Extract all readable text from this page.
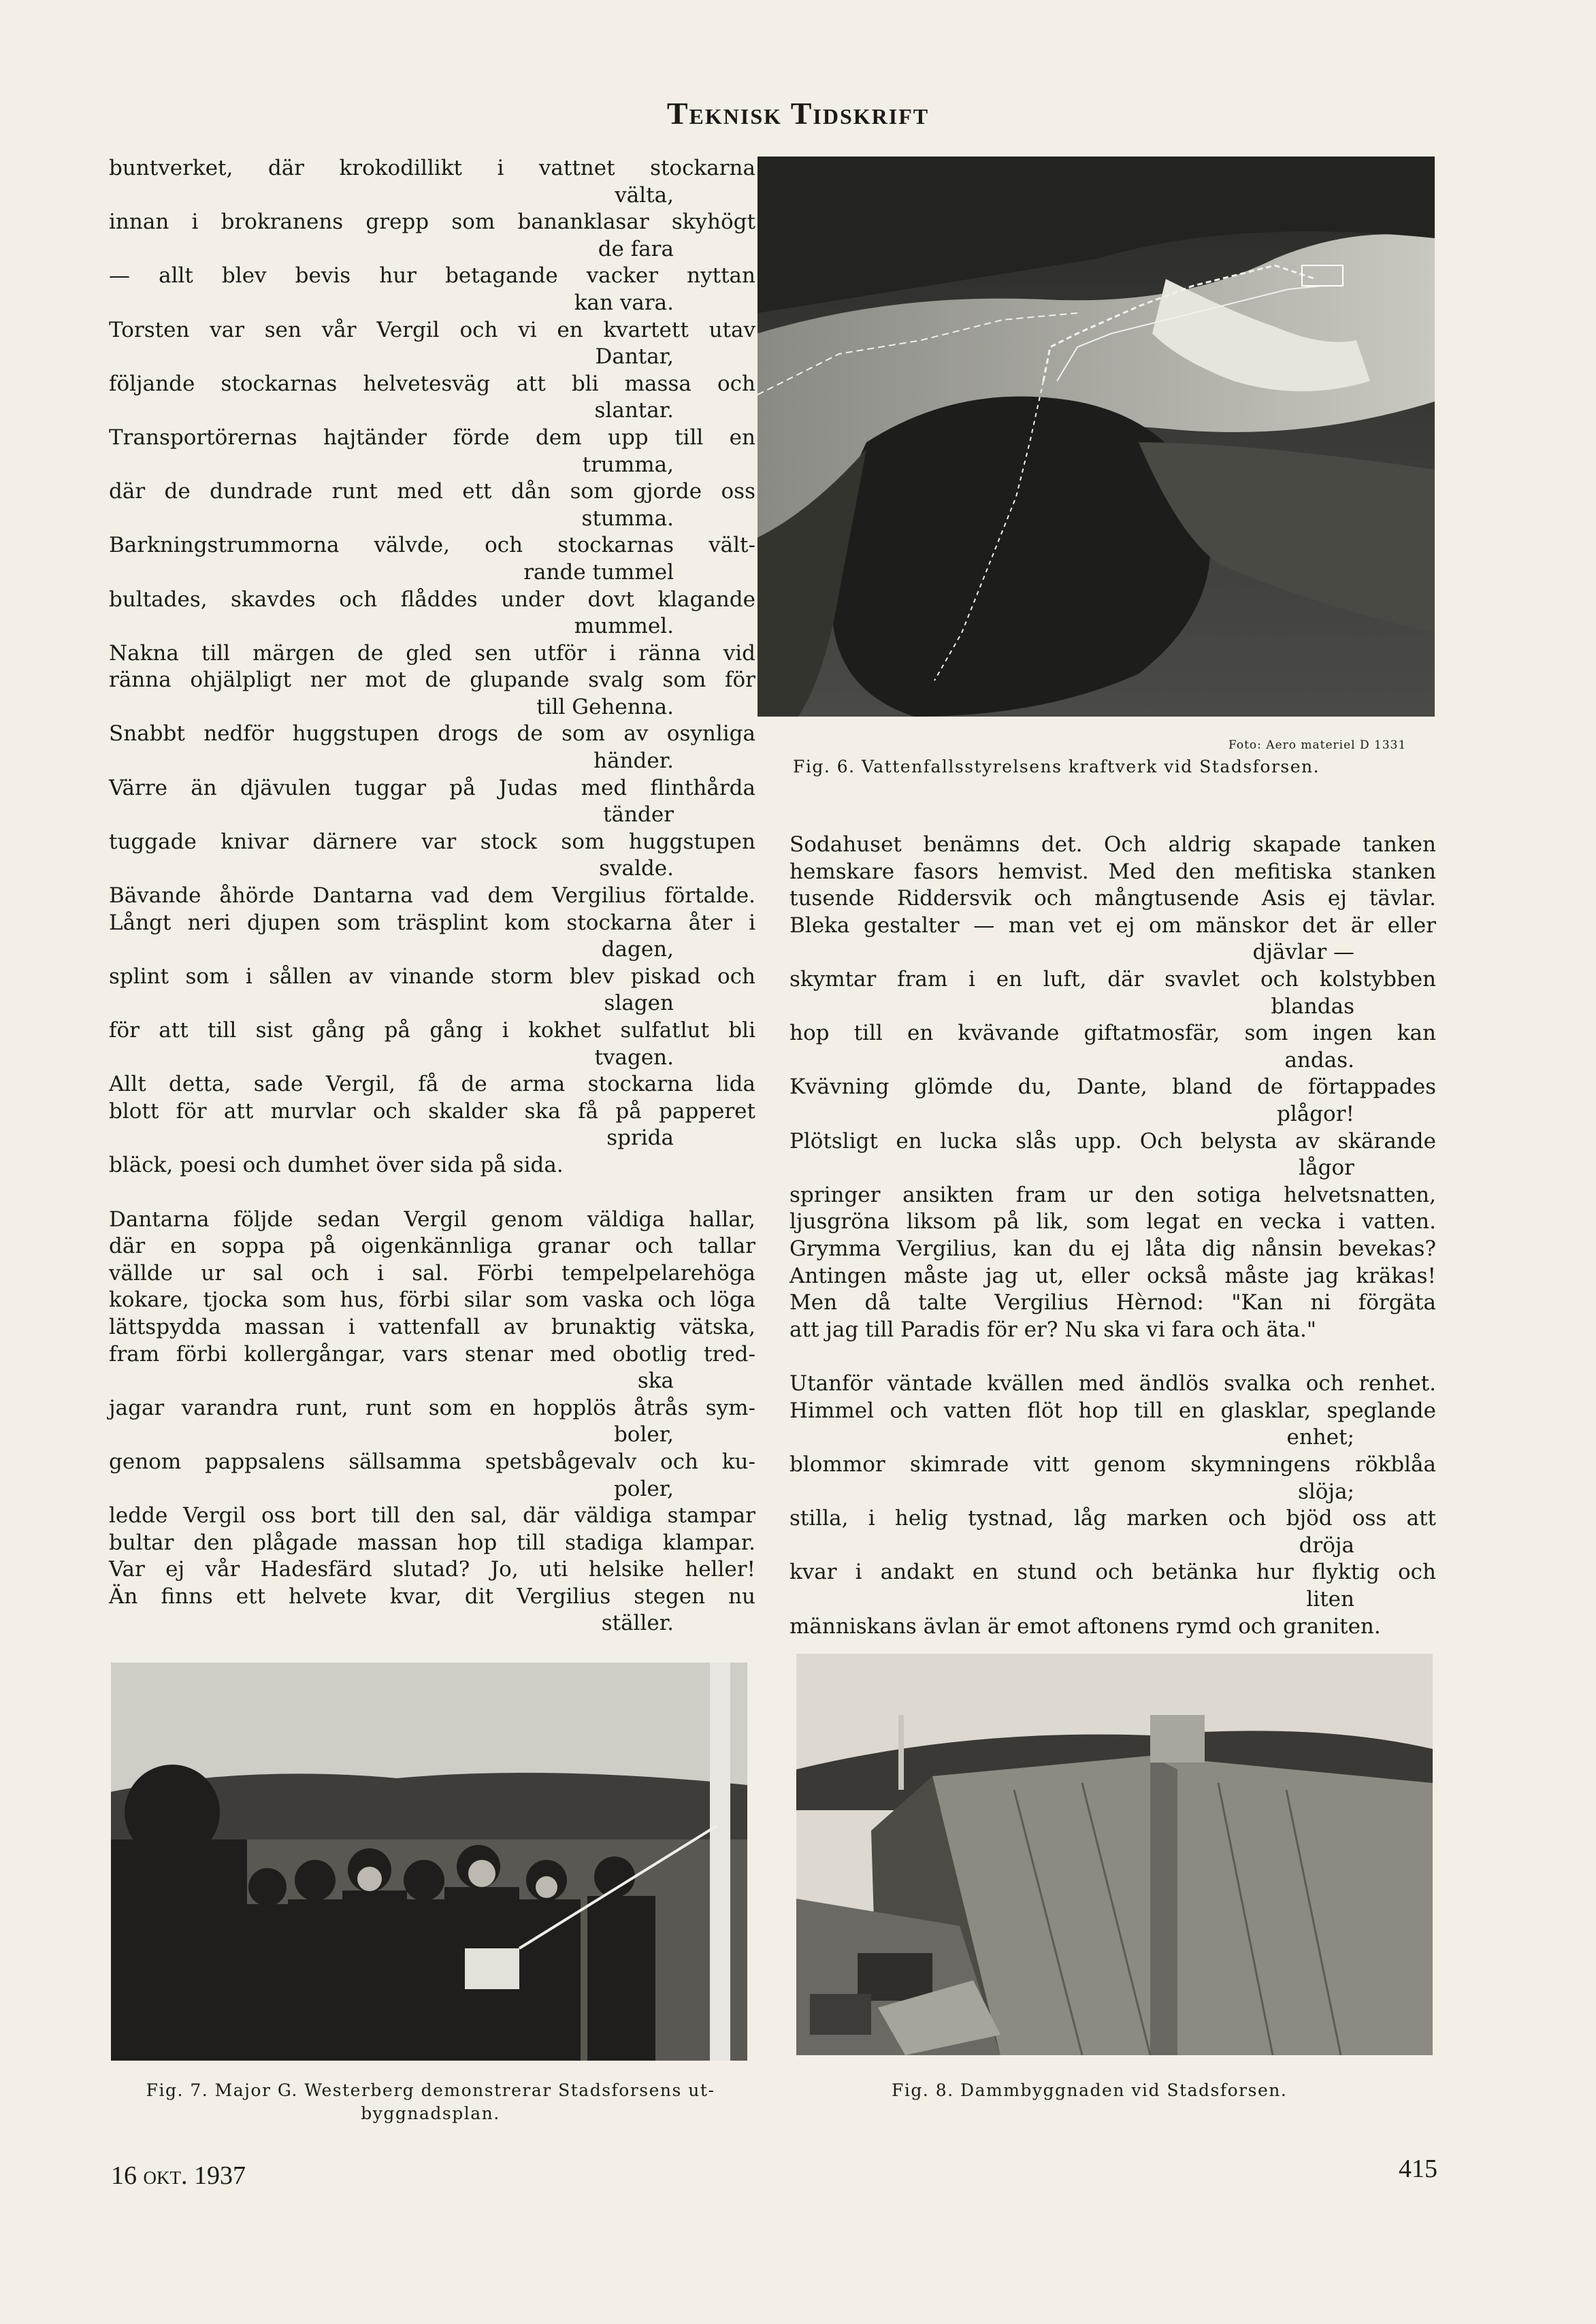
Teknisk Tidskrift
buntverket, där krokodillikt i vattnet stockarna
välta,
innan i brokranens grepp som bananklasar skyhögt
de fara
— allt blev bevis hur betagande vacker nyttan
kan vara.
Torsten var sen vår Vergil och vi en kvartett utav
Dantar,
följande stockarnas helvetesväg att bli massa och
slantar.
Transportörernas hajtänder förde dem upp till en
trumma,
där de dundrade runt med ett dån som gjorde oss
stumma.
Barkningstrummorna välvde, och stockarnas vält-
rande tummel
bultades, skavdes och flåddes under dovt klagande
mummel.
Nakna till märgen de gled sen utför i ränna vid
ränna ohjälpligt ner mot de glupande svalg som för
till Gehenna.
Snabbt nedför huggstupen drogs de som av osynliga
händer.
Värre än djävulen tuggar på Judas med flinthårda
tänder
tuggade knivar därnere var stock som huggstupen
svalde.
Bävande åhörde Dantarna vad dem Vergilius förtalde.
Långt neri djupen som träsplint kom stockarna åter i
dagen,
splint som i sållen av vinande storm blev piskad och
slagen
för att till sist gång på gång i kokhet sulfatlut bli
tvagen.
Allt detta, sade Vergil, få de arma stockarna lida
blott för att murvlar och skalder ska få på papperet
sprida
bläck, poesi och dumhet över sida på sida.
Dantarna följde sedan Vergil genom väldiga hallar,
där en soppa på oigenkännliga granar och tallar
vällde ur sal och i sal. Förbi tempelpelarehöga
kokare, tjocka som hus, förbi silar som vaska och löga
lättspydda massan i vattenfall av brunaktig vätska,
fram förbi kollergångar, vars stenar med obotlig tred-
ska
jagar varandra runt, runt som en hopplös åtrås sym-
boler,
genom pappsalens sällsamma spetsbågevalv och ku-
poler,
ledde Vergil oss bort till den sal, där väldiga stampar
bultar den plågade massan hop till stadiga klampar.
Var ej vår Hadesfärd slutad? Jo, uti helsike heller!
Än finns ett helvete kvar, dit Vergilius stegen nu
ställer.
Foto: Aero materiel D 1331
Fig. 6. Vattenfallsstyrelsens kraftverk vid Stadsforsen.
Sodahuset benämns det. Och aldrig skapade tanken
hemskare fasors hemvist. Med den mefitiska stanken
tusende Riddersvik och mångtusende Asis ej tävlar.
Bleka gestalter — man vet ej om mänskor det är eller
djävlar —
skymtar fram i en luft, där svavlet och kolstybben
blandas
hop till en kvävande giftatmosfär, som ingen kan
andas.
Kvävning glömde du, Dante, bland de förtappades
plågor!
Plötsligt en lucka slås upp. Och belysta av skärande
lågor
springer ansikten fram ur den sotiga helvetsnatten,
ljusgröna liksom på lik, som legat en vecka i vatten.
Grymma Vergilius, kan du ej låta dig nånsin bevekas?
Antingen måste jag ut, eller också måste jag kräkas!
Men då talte Vergilius Hèrnod: "Kan ni förgäta
att jag till Paradis för er? Nu ska vi fara och äta."
Utanför väntade kvällen med ändlös svalka och renhet.
Himmel och vatten flöt hop till en glasklar, speglande
enhet;
blommor skimrade vitt genom skymningens rökblåa
slöja;
stilla, i helig tystnad, låg marken och bjöd oss att
dröja
kvar i andakt en stund och betänka hur flyktig och
liten
människans ävlan är emot aftonens rymd och graniten.
Fig. 7. Major G. Westerberg demonstrerar Stadsforsens ut-
byggnadsplan.
Fig. 8. Dammbyggnaden vid Stadsforsen.
16 okt. 1937	415
